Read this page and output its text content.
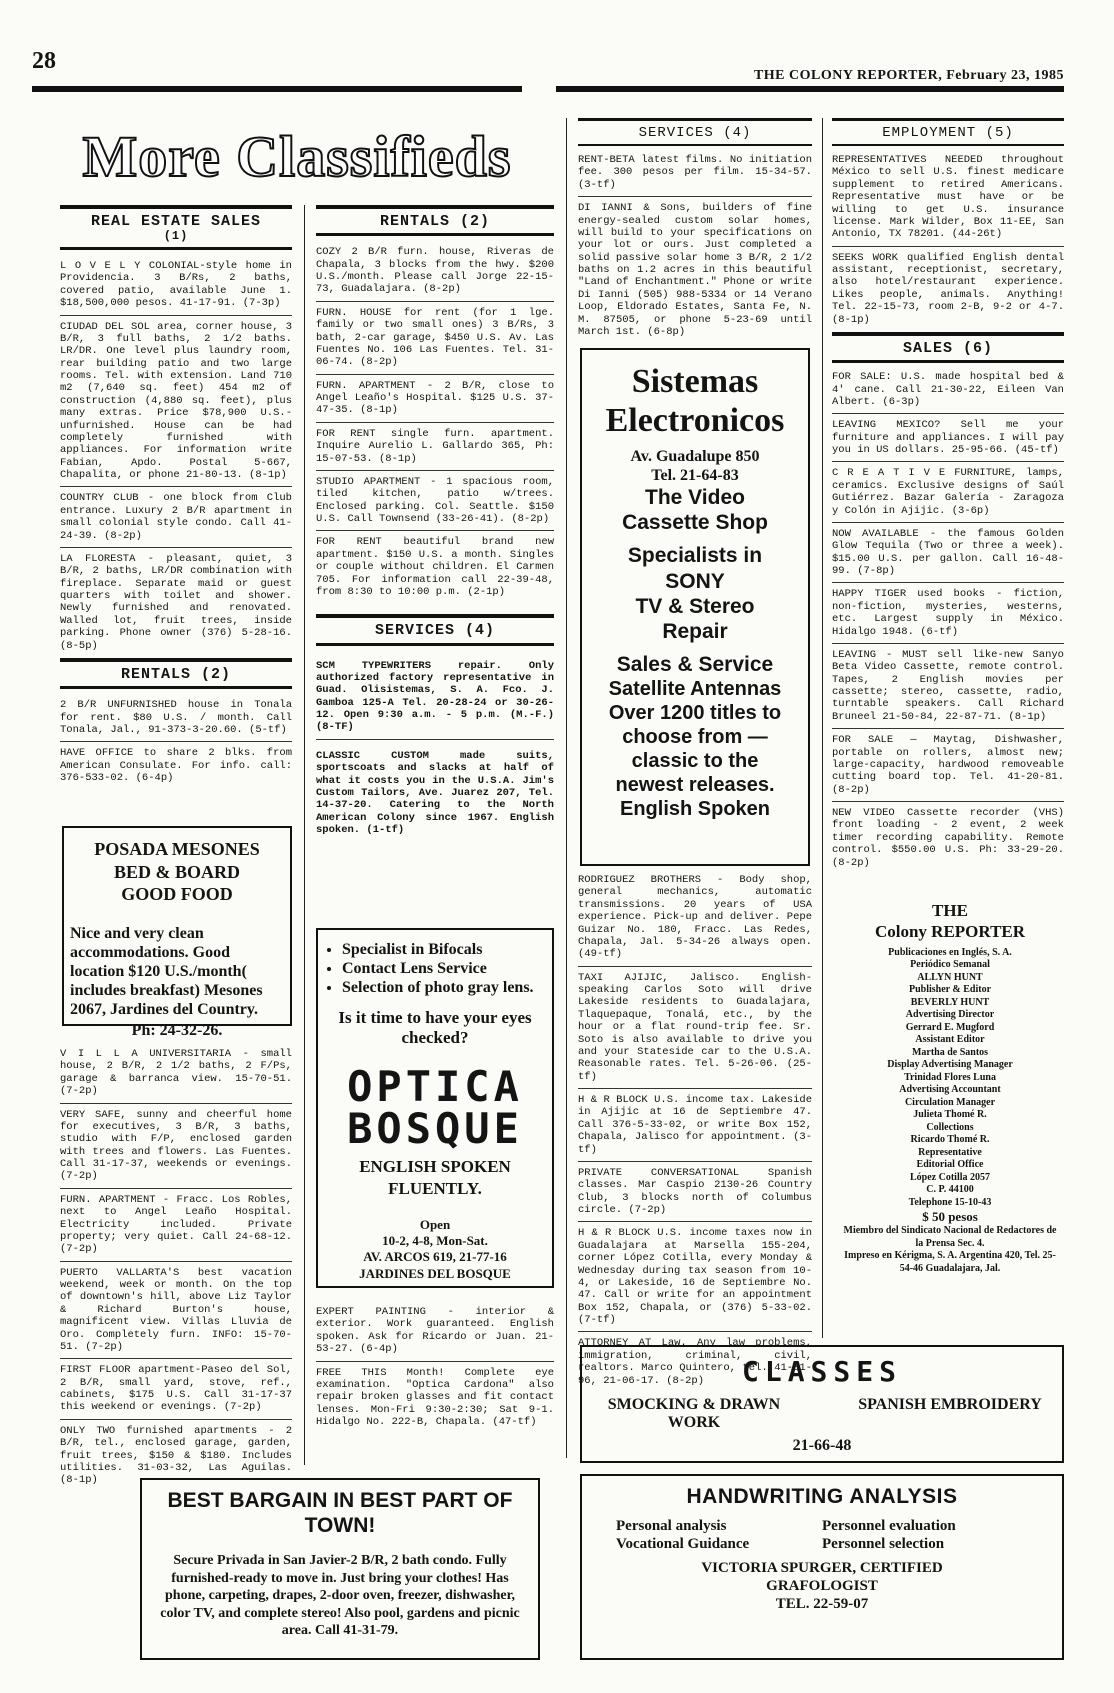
28
THE COLONY REPORTER, February 23, 1985
More Classifieds
REAL ESTATE SALES
(1)

L O V E L Y COLONIAL-style home in Providencia. 3 B/Rs, 2 baths, covered patio, available June 1. $18,500,000 pesos. 41-17-91. (7-3p)

CIUDAD DEL SOL area, corner house, 3 B/R, 3 full baths, 2 1/2 baths. LR/DR. One level plus laundry room, rear building patio and two large rooms. Tel. with extension. Land 710 m2 (7,640 sq. feet) 454 m2 of construction (4,880 sq. feet), plus many extras. Price $78,900 U.S.-unfurnished. House can be had completely furnished with appliances. For information write Fabian, Apdo. Postal 5-667, Chapalita, or phone 21-80-13. (8-1p)

COUNTRY CLUB - one block from Club entrance. Luxury 2 B/R apartment in small colonial style condo. Call 41-24-39. (8-2p)

LA FLORESTA - pleasant, quiet, 3 B/R, 2 baths, LR/DR combination with fireplace. Separate maid or guest quarters with toilet and shower. Newly furnished and renovated. Walled lot, fruit trees, inside parking. Phone owner (376) 5-28-16. (8-5p)

RENTALS (2)

2 B/R UNFURNISHED house in Tonala for rent. $80 U.S. / month. Call Tonala, Jal., 91-373-3-20.60. (5-tf)

HAVE OFFICE to share 2 blks. from American Consulate. For info. call: 376-533-02. (6-4p)

POSADA MESONES
BED & BOARD
GOOD FOOD
Nice and very clean accommodations. Good location $120 U.S./month( includes breakfast) Mesones 2067, Jardines del Country.
Ph: 24-32-26.

V I L L A UNIVERSITARIA - small house, 2 B/R, 2 1/2 baths, 2 F/Ps, garage & barranca view. 15-70-51. (7-2p)

VERY SAFE, sunny and cheerful home for executives, 3 B/R, 3 baths, studio with F/P, enclosed garden with trees and flowers. Las Fuentes. Call 31-17-37, weekends or evenings. (7-2p)

FURN. APARTMENT - Fracc. Los Robles, next to Angel Leaño Hospital. Electricity included. Private property; very quiet. Call 24-68-12. (7-2p)

PUERTO VALLARTA'S best vacation weekend, week or month. On the top of downtown's hill, above Liz Taylor & Richard Burton's house, magnificent view. Villas Lluvia de Oro. Completely furn. INFO: 15-70-51. (7-2p)

FIRST FLOOR apartment-Paseo del Sol, 2 B/R, small yard, stove, ref., cabinets, $175 U.S. Call 31-17-37 this weekend or evenings. (7-2p)

ONLY TWO furnished apartments - 2 B/R, tel., enclosed garage, garden, fruit trees, $150 & $180. Includes utilities. 31-03-32, Las Aguilas. (8-1p)

RENTALS (2)

COZY 2 B/R furn. house, Riveras de Chapala, 3 blocks from the hwy. $200 U.S./month. Please call Jorge 22-15-73, Guadalajara. (8-2p)

FURN. HOUSE for rent (for 1 lge. family or two small ones) 3 B/Rs, 3 bath, 2-car garage, $450 U.S. Av. Las Fuentes No. 106 Las Fuentes. Tel. 31-06-74. (8-2p)

FURN. APARTMENT - 2 B/R, close to Angel Leaño's Hospital. $125 U.S. 37-47-35. (8-1p)

FOR RENT single furn. apartment. Inquire Aurelio L. Gallardo 365, Ph: 15-07-53. (8-1p)

STUDIO APARTMENT - 1 spacious room, tiled kitchen, patio w/trees. Enclosed parking. Col. Seattle. $150 U.S. Call Townsend (33-26-41). (8-2p)

FOR RENT beautiful brand new apartment. $150 U.S. a month. Singles or couple without children. El Carmen 705. For information call 22-39-48, from 8:30 to 10:00 p.m. (2-1p)

SERVICES (4)

SCM TYPEWRITERS repair. Only authorized factory representative in Guad. Olisistemas, S. A. Fco. J. Gamboa 125-A Tel. 20-28-24 or 30-26-12. Open 9:30 a.m. - 5 p.m. (M.-F.) (8-TF)

CLASSIC CUSTOM made suits, sportscoats and slacks at half of what it costs you in the U.S.A. Jim's Custom Tailors, Ave. Juarez 207, Tel. 14-37-20. Catering to the North American Colony since 1967. English spoken. (1-tf)

• Specialist in Bifocals
• Contact Lens Service
• Selection of photo gray lens.
Is it time to have your eyes checked?
OPTICA
BOSQUE
ENGLISH SPOKEN FLUENTLY.
Open
10-2, 4-8, Mon-Sat.
AV. ARCOS 619, 21-77-16
JARDINES DEL BOSQUE

EXPERT PAINTING - interior & exterior. Work guaranteed. English spoken. Ask for Ricardo or Juan. 21-53-27. (6-4p)

FREE THIS Month! Complete eye examination. "Optica Cardona" also repair broken glasses and fit contact lenses. Mon-Fri 9:30-2:30; Sat 9-1. Hidalgo No. 222-B, Chapala. (47-tf)

SERVICES (4)

RENT-BETA latest films. No initiation fee. 300 pesos per film. 15-34-57. (3-tf)

DI IANNI & Sons, builders of fine energy-sealed custom solar homes, will build to your specifications on your lot or ours. Just completed a solid passive solar home 3 B/R, 2 1/2 baths on 1.2 acres in this beautiful "Land of Enchantment." Phone or write Di Ianni (505) 988-5334 or 14 Verano Loop, Eldorado Estates, Santa Fe, N. M. 87505, or phone 5-23-69 until March 1st. (6-8p)

Sistemas
Electronicos
Av. Guadalupe 850
Tel. 21-64-83
The Video
Cassette Shop
Specialists in
SONY
TV & Stereo
Repair
Sales & Service
Satellite Antennas
Over 1200 titles to
choose from —
classic to the
newest releases.
English Spoken

RODRIGUEZ BROTHERS - Body shop, general mechanics, automatic transmissions. 20 years of USA experience. Pick-up and deliver. Pepe Guizar No. 180, Fracc. Las Redes, Chapala, Jal. 5-34-26 always open. (49-tf)

TAXI AJIJIC, Jalisco. English-speaking Carlos Soto will drive Lakeside residents to Guadalajara, Tlaquepaque, Tonalá, etc., by the hour or a flat round-trip fee. Sr. Soto is also available to drive you and your Stateside car to the U.S.A. Reasonable rates. Tel. 5-26-06. (25-tf)

H & R BLOCK U.S. income tax. Lakeside in Ajijic at 16 de Septiembre 47. Call 376-5-33-02, or write Box 152, Chapala, Jalisco for appointment. (3-tf)

PRIVATE CONVERSATIONAL Spanish classes. Mar Caspio 2130-26 Country Club, 3 blocks north of Columbus circle. (7-2p)

H & R BLOCK U.S. income taxes now in Guadalajara at Marsella 155-204, corner López Cotilla, every Monday & Wednesday during tax season from 10-4, or Lakeside, 16 de Septiembre No. 47. Call or write for an appointment Box 152, Chapala, or (376) 5-33-02. (7-tf)

ATTORNEY AT Law. Any law problems, immigration, criminal, civil, realtors. Marco Quintero, tel. 41-31-96, 21-06-17. (8-2p)

EMPLOYMENT (5)

REPRESENTATIVES NEEDED throughout México to sell U.S. finest medicare supplement to retired Americans. Representative must have or be willing to get U.S. insurance license. Mark Wilder, Box 11-EE, San Antonio, TX 78201. (44-26t)

SEEKS WORK qualified English dental assistant, receptionist, secretary, also hotel/restaurant experience. Likes people, animals. Anything! Tel. 22-15-73, room 2-B, 9-2 or 4-7. (8-1p)

SALES (6)

FOR SALE: U.S. made hospital bed & 4' cane. Call 21-30-22, Eileen Van Albert. (6-3p)

LEAVING MEXICO? Sell me your furniture and appliances. I will pay you in US dollars. 25-95-66. (45-tf)

C R E A T I V E FURNITURE, lamps, ceramics. Exclusive designs of Saúl Gutiérrez. Bazar Galería - Zaragoza y Colón in Ajijic. (3-6p)

NOW AVAILABLE - the famous Golden Glow Tequila (Two or three a week). $15.00 U.S. per gallon. Call 16-48-99. (7-8p)

HAPPY TIGER used books - fiction, non-fiction, mysteries, westerns, etc. Largest supply in México. Hidalgo 1948. (6-tf)

LEAVING - MUST sell like-new Sanyo Beta Video Cassette, remote control. Tapes, 2 English movies per cassette; stereo, cassette, radio, turntable speakers. Call Richard Bruneel 21-50-84, 22-87-71. (8-1p)

FOR SALE — Maytag, Dishwasher, portable on rollers, almost new; large-capacity, hardwood removeable cutting board top. Tel. 41-20-81. (8-2p)

NEW VIDEO Cassette recorder (VHS) front loading - 2 event, 2 week timer recording capability. Remote control. $550.00 U.S. Ph: 33-29-20. (8-2p)

THE
Colony REPORTER
Publicaciones en Inglés, S. A.
Periódico Semanal
ALLYN HUNT
Publisher & Editor
BEVERLY HUNT
Advertising Director
Gerrard E. Mugford
Assistant Editor
Martha de Santos
Display Advertising Manager
Trinidad Flores Luna
Advertising Accountant
Circulation Manager
Julieta Thomé R.
Collections
Ricardo Thomé R.
Representative
Editorial Office
López Cotilla 2057
C. P. 44100
Telephone 15-10-43
$ 50 pesos
Miembro del Sindicato Nacional de Redactores de la Prensa Sec. 4.
Impreso en Kérigma, S. A. Argentina 420, Tel. 25-54-46 Guadalajara, Jal.
CLASSES
SMOCKING & DRAWN WORK
SPANISH EMBROIDERY
21-66-48
HANDWRITING ANALYSIS
Personal analysis	Personnel evaluation
Vocational Guidance	Personnel selection
VICTORIA SPURGER, CERTIFIED
GRAFOLOGIST
TEL. 22-59-07
BEST BARGAIN IN BEST PART OF TOWN!
Secure Privada in San Javier-2 B/R, 2 bath condo. Fully furnished-ready to move in. Just bring your clothes! Has phone, carpeting, drapes, 2-door oven, freezer, dishwasher, color TV, and complete stereo! Also pool, gardens and picnic area. Call 41-31-79.
